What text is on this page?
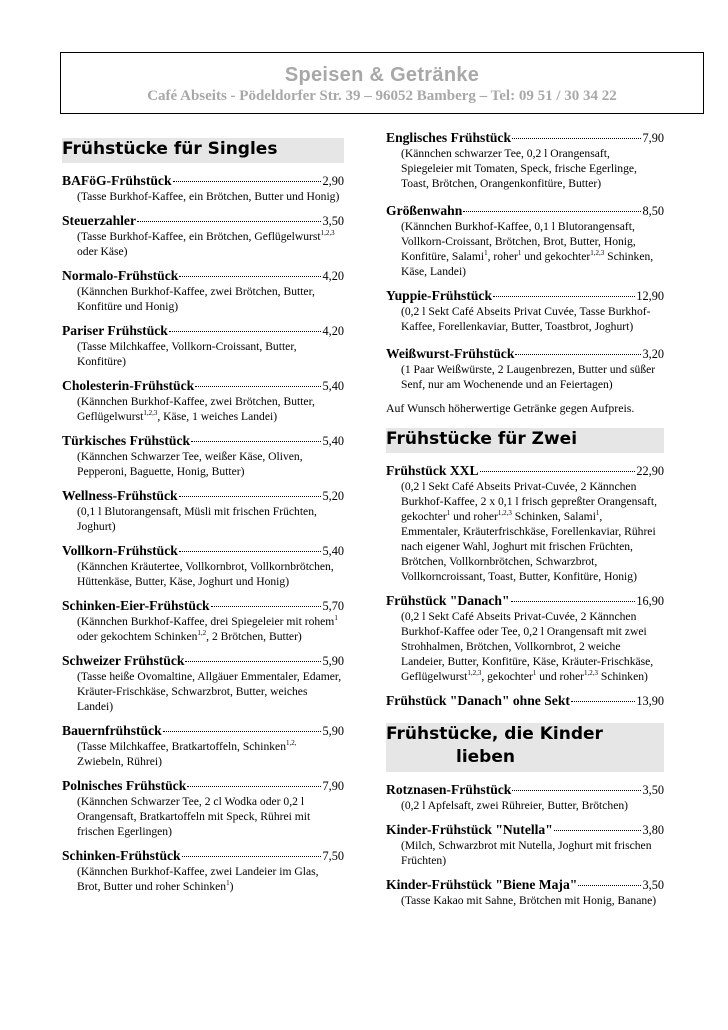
Speisen & Getränke
Café Abseits - Pödeldorfer Str. 39 – 96052 Bamberg – Tel: 09 51 / 30 34 22
Frühstücke für Singles
BAFöG-Frühstück	2,90
(Tasse Burkhof-Kaffee, ein Brötchen, Butter und Honig)
Steuerzahler	3,50
(Tasse Burkhof-Kaffee, ein Brötchen, Geflügelwurst$^{1,2,3}$ oder Käse)
Normalo-Frühstück	4,20
(Kännchen Burkhof-Kaffee, zwei Brötchen, Butter, Konfitüre und Honig)
Pariser Frühstück	4,20
(Tasse Milchkaffee, Vollkorn-Croissant, Butter, Konfitüre)
Cholesterin-Frühstück	5,40
(Kännchen Burkhof-Kaffee, zwei Brötchen, Butter, Geflügelwurst$^{1,2,3}$, Käse, 1 weiches Landei)
Türkisches Frühstück	5,40
(Kännchen Schwarzer Tee, weißer Käse, Oliven, Pepperoni, Baguette, Honig, Butter)
Wellness-Frühstück	5,20
(0,1 l Blutorangensaft, Müsli mit frischen Früchten, Joghurt)
Vollkorn-Frühstück	5,40
(Kännchen Kräutertee, Vollkornbrot, Vollkornbrötchen, Hüttenkäse, Butter, Käse, Joghurt und Honig)
Schinken-Eier-Frühstück	5,70
(Kännchen Burkhof-Kaffee, drei Spiegeleier mit rohem$^1$ oder gekochtem Schinken$^{1,2}$, 2 Brötchen, Butter)
Schweizer Frühstück	5,90
(Tasse heiße Ovomaltine, Allgäuer Emmentaler, Edamer, Kräuter-Frischkäse, Schwarzbrot, Butter, weiches Landei)
Bauernfrühstück	5,90
(Tasse Milchkaffee, Bratkartoffeln, Schinken$^{1,2,}$ Zwiebeln, Rührei)
Polnisches Frühstück	7,90
(Kännchen Schwarzer Tee, 2 cl Wodka oder 0,2 l Orangensaft, Bratkartoffeln mit Speck, Rührei mit frischen Egerlingen)
Schinken-Frühstück	7,50
(Kännchen Burkhof-Kaffee, zwei Landeier im Glas, Brot, Butter und roher Schinken$^1$)
Englisches Frühstück	7,90
(Kännchen schwarzer Tee, 0,2 l Orangensaft, Spiegeleier mit Tomaten, Speck, frische Egerlinge, Toast, Brötchen, Orangenkonfitüre, Butter)
Größenwahn	8,50
(Kännchen Burkhof-Kaffee, 0,1 l Blutorangensaft, Vollkorn-Croissant, Brötchen, Brot, Butter, Honig, Konfitüre, Salami$^1$, roher$^1$ und gekochter$^{1,2,3}$ Schinken, Käse, Landei)
Yuppie-Frühstück	12,90
(0,2 l Sekt Café Abseits Privat Cuvée, Tasse Burkhof-Kaffee, Forellenkaviar, Butter, Toastbrot, Joghurt)
Weißwurst-Frühstück	3,20
(1 Paar Weißwürste, 2 Laugenbrezen, Butter und süßer Senf, nur am Wochenende und an Feiertagen)
Auf Wunsch höherwertige Getränke gegen Aufpreis.
Frühstücke für Zwei
Frühstück XXL	22,90
(0,2 l Sekt Café Abseits Privat-Cuvée, 2 Kännchen Burkhof-Kaffee, 2 x 0,1 l frisch gepreßter Orangensaft, gekochter$^1$ und roher$^{1,2,3}$ Schinken, Salami$^1$, Emmentaler, Kräuterfrischkäse, Forellenkaviar, Rührei nach eigener Wahl, Joghurt mit frischen Früchten, Brötchen, Vollkornbrötchen, Schwarzbrot, Vollkorncroissant, Toast, Butter, Konfitüre, Honig)
Frühstück "Danach"	16,90
(0,2 l Sekt Café Abseits Privat-Cuvée, 2 Kännchen Burkhof-Kaffee oder Tee, 0,2 l Orangensaft mit zwei Strohhalmen, Brötchen, Vollkornbrot, 2 weiche Landeier, Butter, Konfitüre, Käse, Kräuter-Frischkäse, Geflügelwurst$^{1,2,3}$, gekochter$^1$ und roher$^{1,2,3}$ Schinken)
Frühstück "Danach" ohne Sekt	13,90
Frühstücke, die Kinder
lieben
Rotznasen-Frühstück	3,50
(0,2 l Apfelsaft, zwei Rühreier, Butter, Brötchen)
Kinder-Frühstück "Nutella"	3,80
(Milch, Schwarzbrot mit Nutella, Joghurt mit frischen Früchten)
Kinder-Frühstück "Biene Maja"	3,50
(Tasse Kakao mit Sahne, Brötchen mit Honig, Banane)
